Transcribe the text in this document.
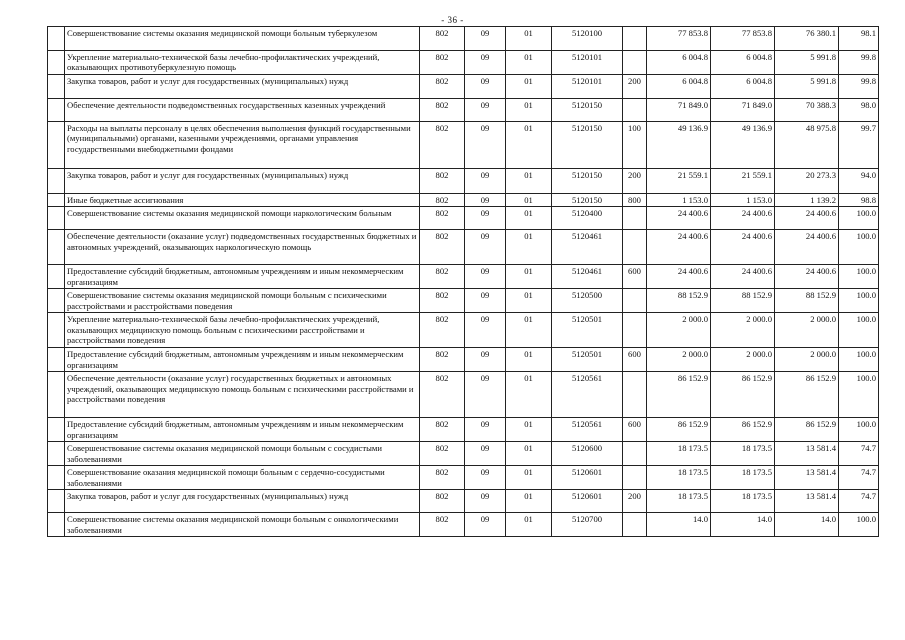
- 36 -
	Совершенствование системы оказания медицинской помощи больным туберкулезом	802	09	01	5120100		77 853.8	77 853.8	76 380.1	98.1
	Укрепление материально-технической базы лечебно-профилактических учреждений, оказывающих противотуберкулезную помощь	802	09	01	5120101		6 004.8	6 004.8	5 991.8	99.8
	Закупка товаров, работ и услуг для государственных (муниципальных) нужд	802	09	01	5120101	200	6 004.8	6 004.8	5 991.8	99.8
	Обеспечение деятельности подведомственных государственных казенных учреждений	802	09	01	5120150		71 849.0	71 849.0	70 388.3	98.0
	Расходы на выплаты персоналу в целях обеспечения выполнения функций государственными (муниципальными) органами, казенными учреждениями, органами управления государственными внебюджетными фондами	802	09	01	5120150	100	49 136.9	49 136.9	48 975.8	99.7
	Закупка товаров, работ и услуг для государственных (муниципальных) нужд	802	09	01	5120150	200	21 559.1	21 559.1	20 273.3	94.0
	Иные бюджетные ассигнования	802	09	01	5120150	800	1 153.0	1 153.0	1 139.2	98.8
	Совершенствование системы оказания медицинской помощи наркологическим больным	802	09	01	5120400		24 400.6	24 400.6	24 400.6	100.0
	Обеспечение деятельности (оказание услуг) подведомственных государственных бюджетных и автономных учреждений, оказывающих наркологическую помощь	802	09	01	5120461		24 400.6	24 400.6	24 400.6	100.0
	Предоставление субсидий бюджетным, автономным учреждениям и иным некоммерческим организациям	802	09	01	5120461	600	24 400.6	24 400.6	24 400.6	100.0
	Совершенствование системы оказания медицинской помощи больным с психическими расстройствами и расстройствами поведения	802	09	01	5120500		88 152.9	88 152.9	88 152.9	100.0
	Укрепление материально-технической базы лечебно-профилактических учреждений, оказывающих медицинскую помощь больным с психическими расстройствами и расстройствами поведения	802	09	01	5120501		2 000.0	2 000.0	2 000.0	100.0
	Предоставление субсидий бюджетным, автономным учреждениям и иным некоммерческим организациям	802	09	01	5120501	600	2 000.0	2 000.0	2 000.0	100.0
	Обеспечение деятельности (оказание услуг) государственных бюджетных и автономных учреждений, оказывающих медицинскую помощь больным с психическими расстройствами и расстройствами поведения	802	09	01	5120561		86 152.9	86 152.9	86 152.9	100.0
	Предоставление субсидий бюджетным, автономным учреждениям и иным некоммерческим организациям	802	09	01	5120561	600	86 152.9	86 152.9	86 152.9	100.0
	Совершенствование системы оказания медицинской помощи больным с сосудистыми заболеваниями	802	09	01	5120600		18 173.5	18 173.5	13 581.4	74.7
	Совершенствование оказания медицинской помощи больным с сердечно-сосудистыми заболеваниями	802	09	01	5120601		18 173.5	18 173.5	13 581.4	74.7
	Закупка товаров, работ и услуг для государственных (муниципальных) нужд	802	09	01	5120601	200	18 173.5	18 173.5	13 581.4	74.7
	Совершенствование системы оказания медицинской помощи больным с онкологическими заболеваниями	802	09	01	5120700		14.0	14.0	14.0	100.0
